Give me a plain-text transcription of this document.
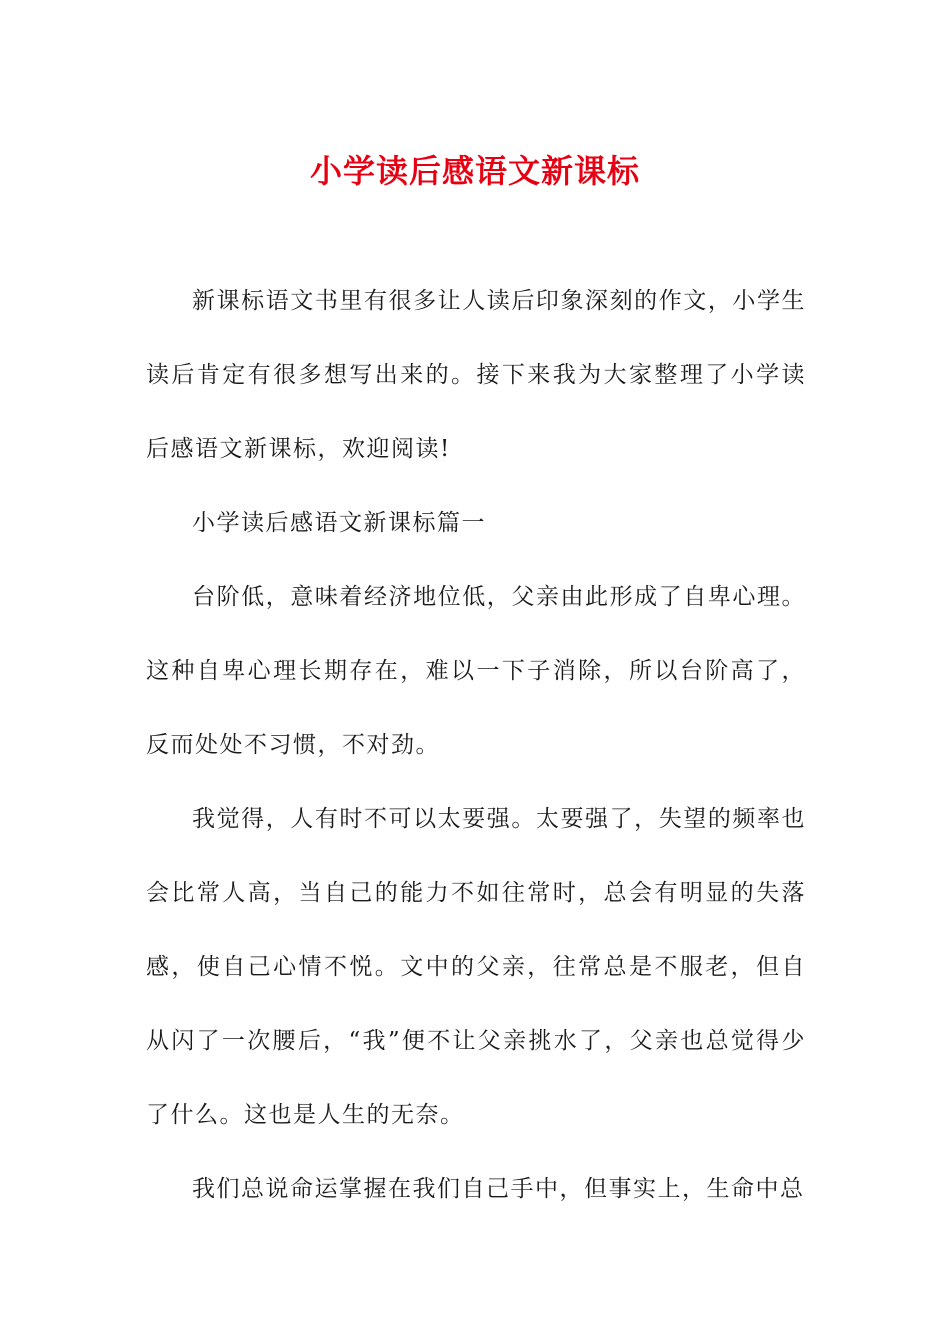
小学读后感语文新课标

新课标语文书里有很多让人读后印象深刻的作文，小学生读后肯定有很多想写出来的。接下来我为大家整理了小学读后感语文新课标，欢迎阅读!

小学读后感语文新课标篇一

台阶低，意味着经济地位低，父亲由此形成了自卑心理。这种自卑心理长期存在，难以一下子消除，所以台阶高了，反而处处不习惯，不对劲。

我觉得，人有时不可以太要强。太要强了，失望的频率也会比常人高，当自己的能力不如往常时，总会有明显的失落感，使自己心情不悦。文中的父亲，往常总是不服老，但自从闪了一次腰后，“我”便不让父亲挑水了，父亲也总觉得少了什么。这也是人生的无奈。

我们总说命运掌握在我们自己手中，但事实上，生命中总
